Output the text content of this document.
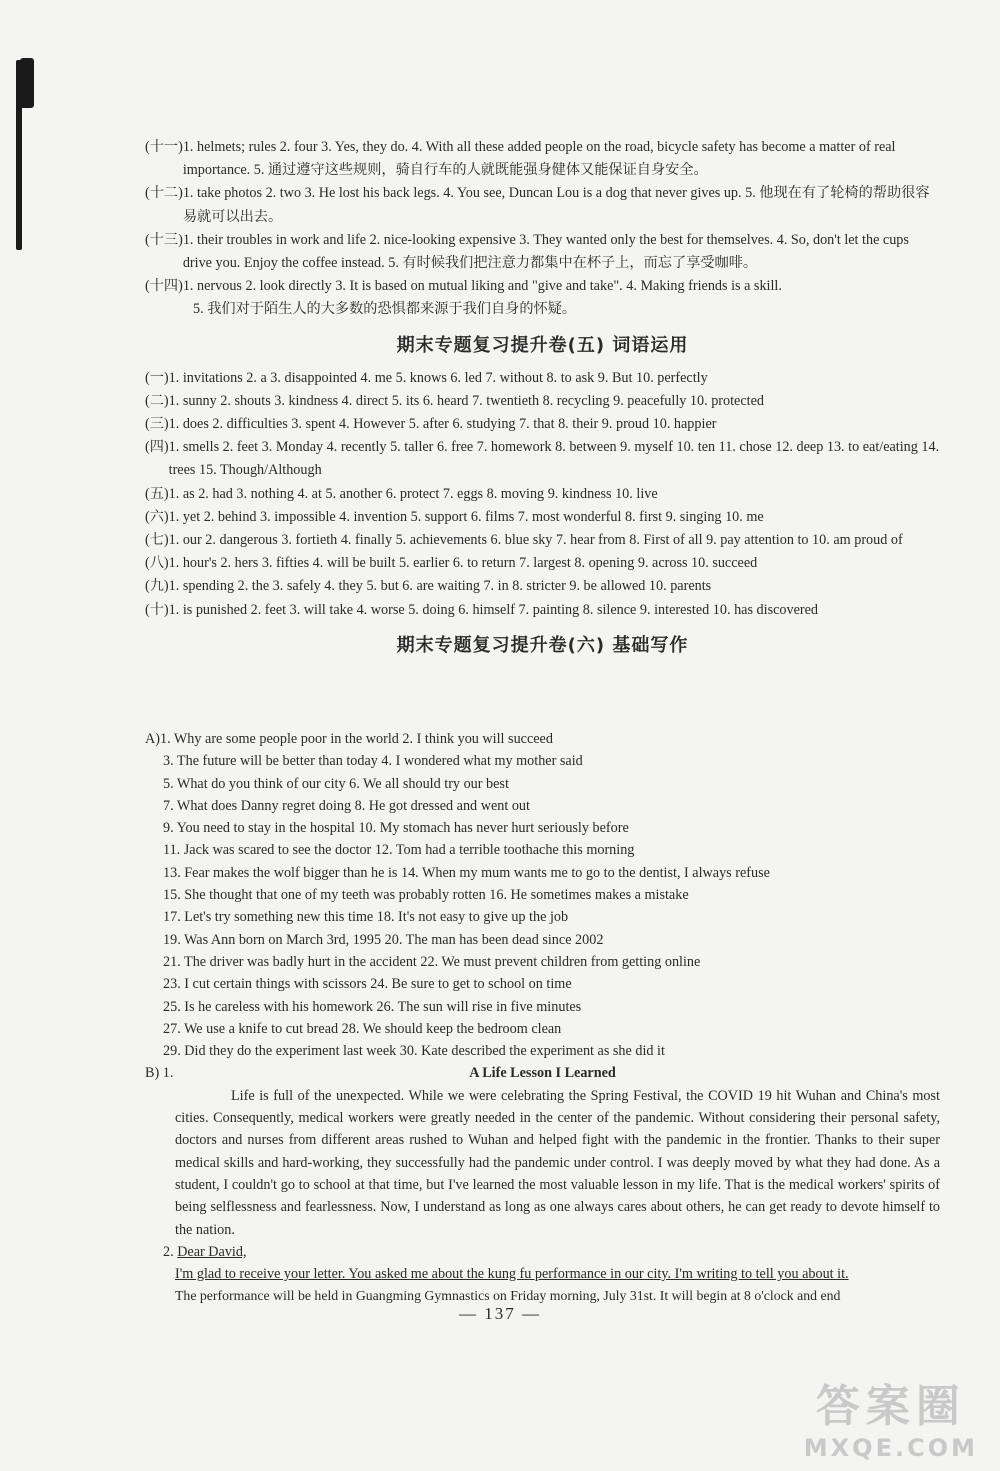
(十一) 1. helmets; rules 2. four 3. Yes, they do. 4. With all these added people on the road, bicycle safety has become a matter of real importance. 5. 通过遵守这些规则，骑自行车的人就既能强身健体又能保证自身安全。
(十二) 1. take photos 2. two 3. He lost his back legs. 4. You see, Duncan Lou is a dog that never gives up. 5. 他现在有了轮椅的帮助很容易就可以出去。
(十三) 1. their troubles in work and life 2. nice-looking expensive 3. They wanted only the best for themselves. 4. So, don't let the cups drive you. Enjoy the coffee instead. 5. 有时候我们把注意力都集中在杯子上，而忘了享受咖啡。
(十四) 1. nervous 2. look directly 3. It is based on mutual liking and "give and take". 4. Making friends is a skill.
5. 我们对于陌生人的大多数的恐惧都来源于我们自身的怀疑。
期末专题复习提升卷(五) 词语运用
(一) 1. invitations 2. a 3. disappointed 4. me 5. knows 6. led 7. without 8. to ask 9. But 10. perfectly
(二) 1. sunny 2. shouts 3. kindness 4. direct 5. its 6. heard 7. twentieth 8. recycling 9. peacefully 10. protected
(三) 1. does 2. difficulties 3. spent 4. However 5. after 6. studying 7. that 8. their 9. proud 10. happier
(四) 1. smells 2. feet 3. Monday 4. recently 5. taller 6. free 7. homework 8. between 9. myself 10. ten 11. chose 12. deep 13. to eat/eating 14. trees 15. Though/Although
(五) 1. as 2. had 3. nothing 4. at 5. another 6. protect 7. eggs 8. moving 9. kindness 10. live
(六) 1. yet 2. behind 3. impossible 4. invention 5. support 6. films 7. most wonderful 8. first 9. singing 10. me
(七) 1. our 2. dangerous 3. fortieth 4. finally 5. achievements 6. blue sky 7. hear from 8. First of all 9. pay attention to 10. am proud of
(八) 1. hour's 2. hers 3. fifties 4. will be built 5. earlier 6. to return 7. largest 8. opening 9. across 10. succeed
(九) 1. spending 2. the 3. safely 4. they 5. but 6. are waiting 7. in 8. stricter 9. be allowed 10. parents
(十) 1. is punished 2. feet 3. will take 4. worse 5. doing 6. himself 7. painting 8. silence 9. interested 10. has discovered
期末专题复习提升卷(六) 基础写作
A)1. Why are some people poor in the world 2. I think you will succeed
3. The future will be better than today 4. I wondered what my mother said
5. What do you think of our city 6. We all should try our best
7. What does Danny regret doing 8. He got dressed and went out
9. You need to stay in the hospital 10. My stomach has never hurt seriously before
11. Jack was scared to see the doctor 12. Tom had a terrible toothache this morning
13. Fear makes the wolf bigger than he is 14. When my mum wants me to go to the dentist, I always refuse
15. She thought that one of my teeth was probably rotten 16. He sometimes makes a mistake
17. Let's try something new this time 18. It's not easy to give up the job
19. Was Ann born on March 3rd, 1995 20. The man has been dead since 2002
21. The driver was badly hurt in the accident 22. We must prevent children from getting online
23. I cut certain things with scissors 24. Be sure to get to school on time
25. Is he careless with his homework 26. The sun will rise in five minutes
27. We use a knife to cut bread 28. We should keep the bedroom clean
29. Did they do the experiment last week 30. Kate described the experiment as she did it
B) 1.	A Life Lesson I Learned

Life is full of the unexpected. While we were celebrating the Spring Festival, the COVID 19 hit Wuhan and China's most cities. Consequently, medical workers were greatly needed in the center of the pandemic. Without considering their personal safety, doctors and nurses from different areas rushed to Wuhan and helped fight with the pandemic in the frontier. Thanks to their super medical skills and hard-working, they successfully had the pandemic under control. I was deeply moved by what they had done. As a student, I couldn't go to school at that time, but I've learned the most valuable lesson in my life. That is the medical workers' spirits of being selflessness and fearlessness. Now, I understand as long as one always cares about others, he can get ready to devote himself to the nation.

2. Dear David,
I'm glad to receive your letter. You asked me about the kung fu performance in our city. I'm writing to tell you about it.
The performance will be held in Guangming Gymnastics on Friday morning, July 31st. It will begin at 8 o'clock and end
— 137 —
答案圈
MXQE.COM
